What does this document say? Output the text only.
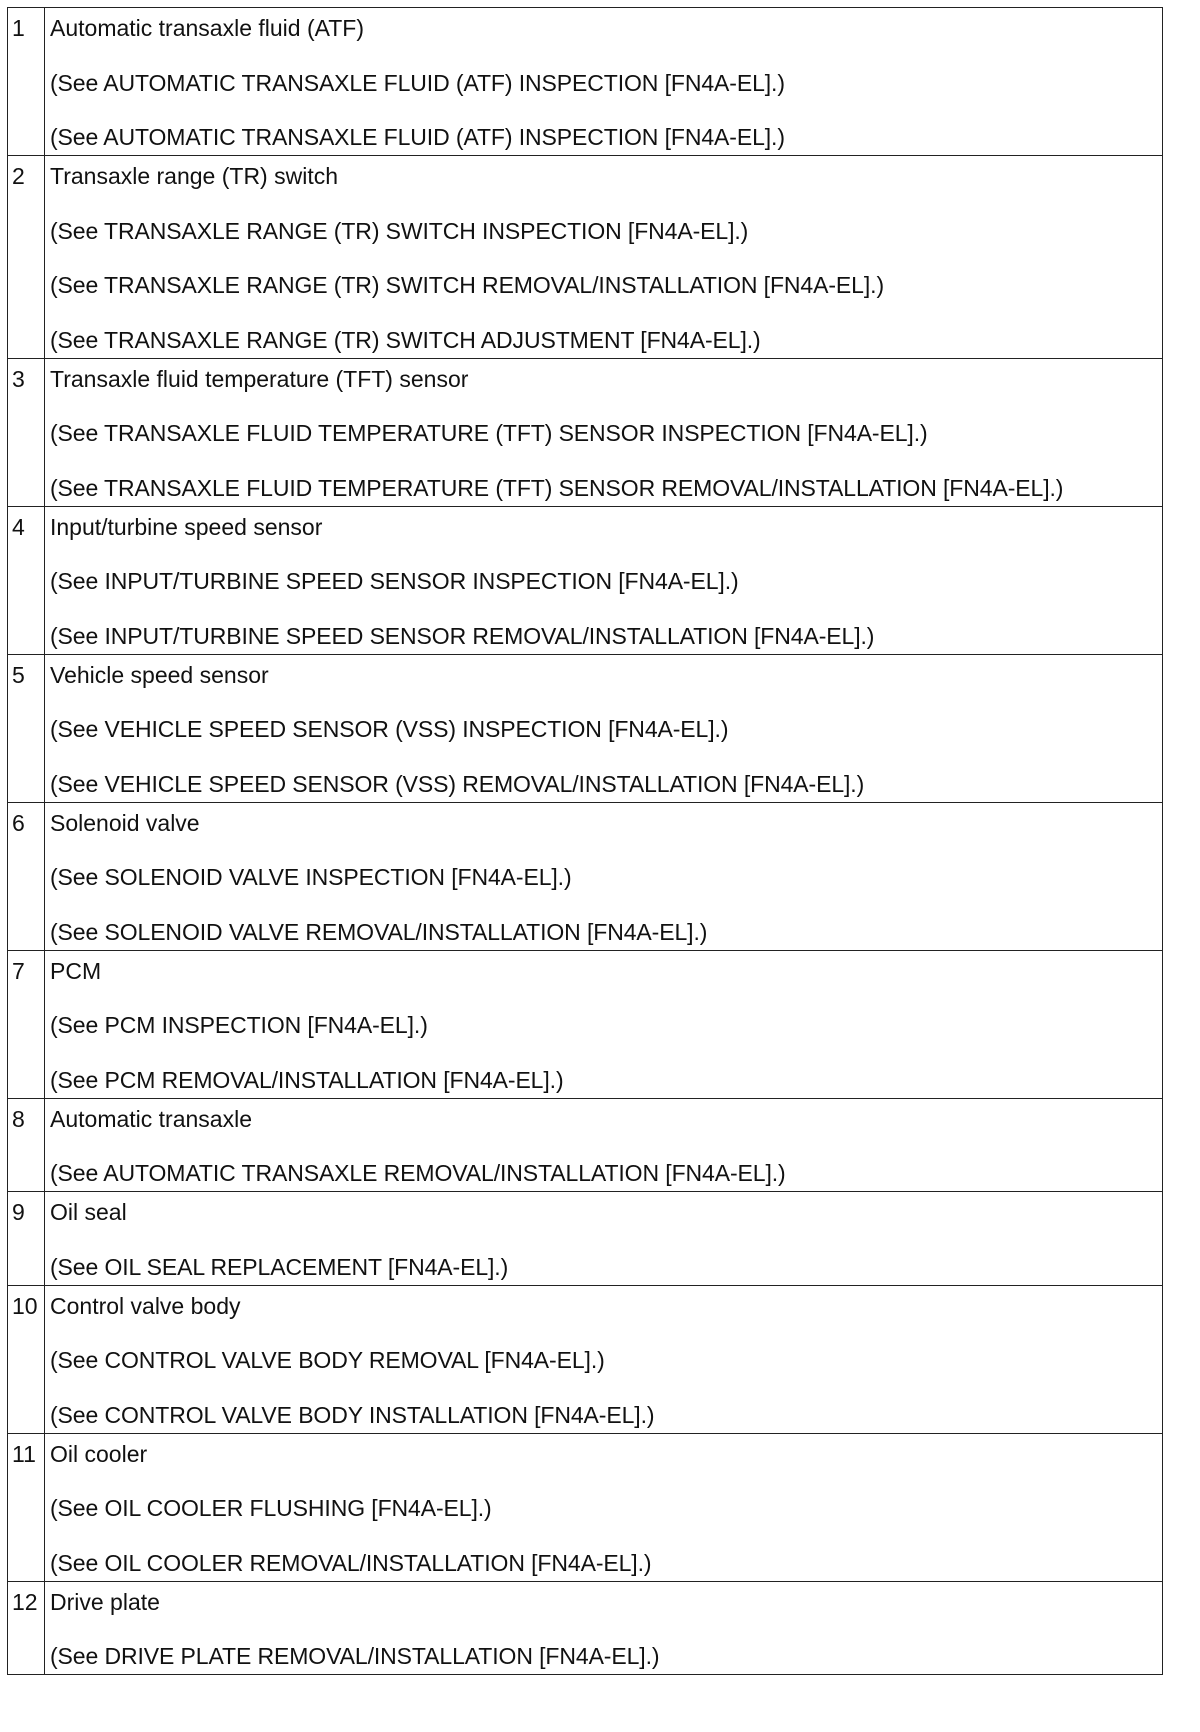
1	Automatic transaxle fluid (ATF)
(See AUTOMATIC TRANSAXLE FLUID (ATF) INSPECTION [FN4A-EL].)
(See AUTOMATIC TRANSAXLE FLUID (ATF) INSPECTION [FN4A-EL].)

2	Transaxle range (TR) switch
(See TRANSAXLE RANGE (TR) SWITCH INSPECTION [FN4A-EL].)
(See TRANSAXLE RANGE (TR) SWITCH REMOVAL/INSTALLATION [FN4A-EL].)
(See TRANSAXLE RANGE (TR) SWITCH ADJUSTMENT [FN4A-EL].)

3	Transaxle fluid temperature (TFT) sensor
(See TRANSAXLE FLUID TEMPERATURE (TFT) SENSOR INSPECTION [FN4A-EL].)
(See TRANSAXLE FLUID TEMPERATURE (TFT) SENSOR REMOVAL/INSTALLATION [FN4A-EL].)

4	Input/turbine speed sensor
(See INPUT/TURBINE SPEED SENSOR INSPECTION [FN4A-EL].)
(See INPUT/TURBINE SPEED SENSOR REMOVAL/INSTALLATION [FN4A-EL].)

5	Vehicle speed sensor
(See VEHICLE SPEED SENSOR (VSS) INSPECTION [FN4A-EL].)
(See VEHICLE SPEED SENSOR (VSS) REMOVAL/INSTALLATION [FN4A-EL].)

6	Solenoid valve
(See SOLENOID VALVE INSPECTION [FN4A-EL].)
(See SOLENOID VALVE REMOVAL/INSTALLATION [FN4A-EL].)

7	PCM
(See PCM INSPECTION [FN4A-EL].)
(See PCM REMOVAL/INSTALLATION [FN4A-EL].)

8	Automatic transaxle
(See AUTOMATIC TRANSAXLE REMOVAL/INSTALLATION [FN4A-EL].)

9	Oil seal
(See OIL SEAL REPLACEMENT [FN4A-EL].)

10	Control valve body
(See CONTROL VALVE BODY REMOVAL [FN4A-EL].)
(See CONTROL VALVE BODY INSTALLATION [FN4A-EL].)

11	Oil cooler
(See OIL COOLER FLUSHING [FN4A-EL].)
(See OIL COOLER REMOVAL/INSTALLATION [FN4A-EL].)

12	Drive plate
(See DRIVE PLATE REMOVAL/INSTALLATION [FN4A-EL].)
